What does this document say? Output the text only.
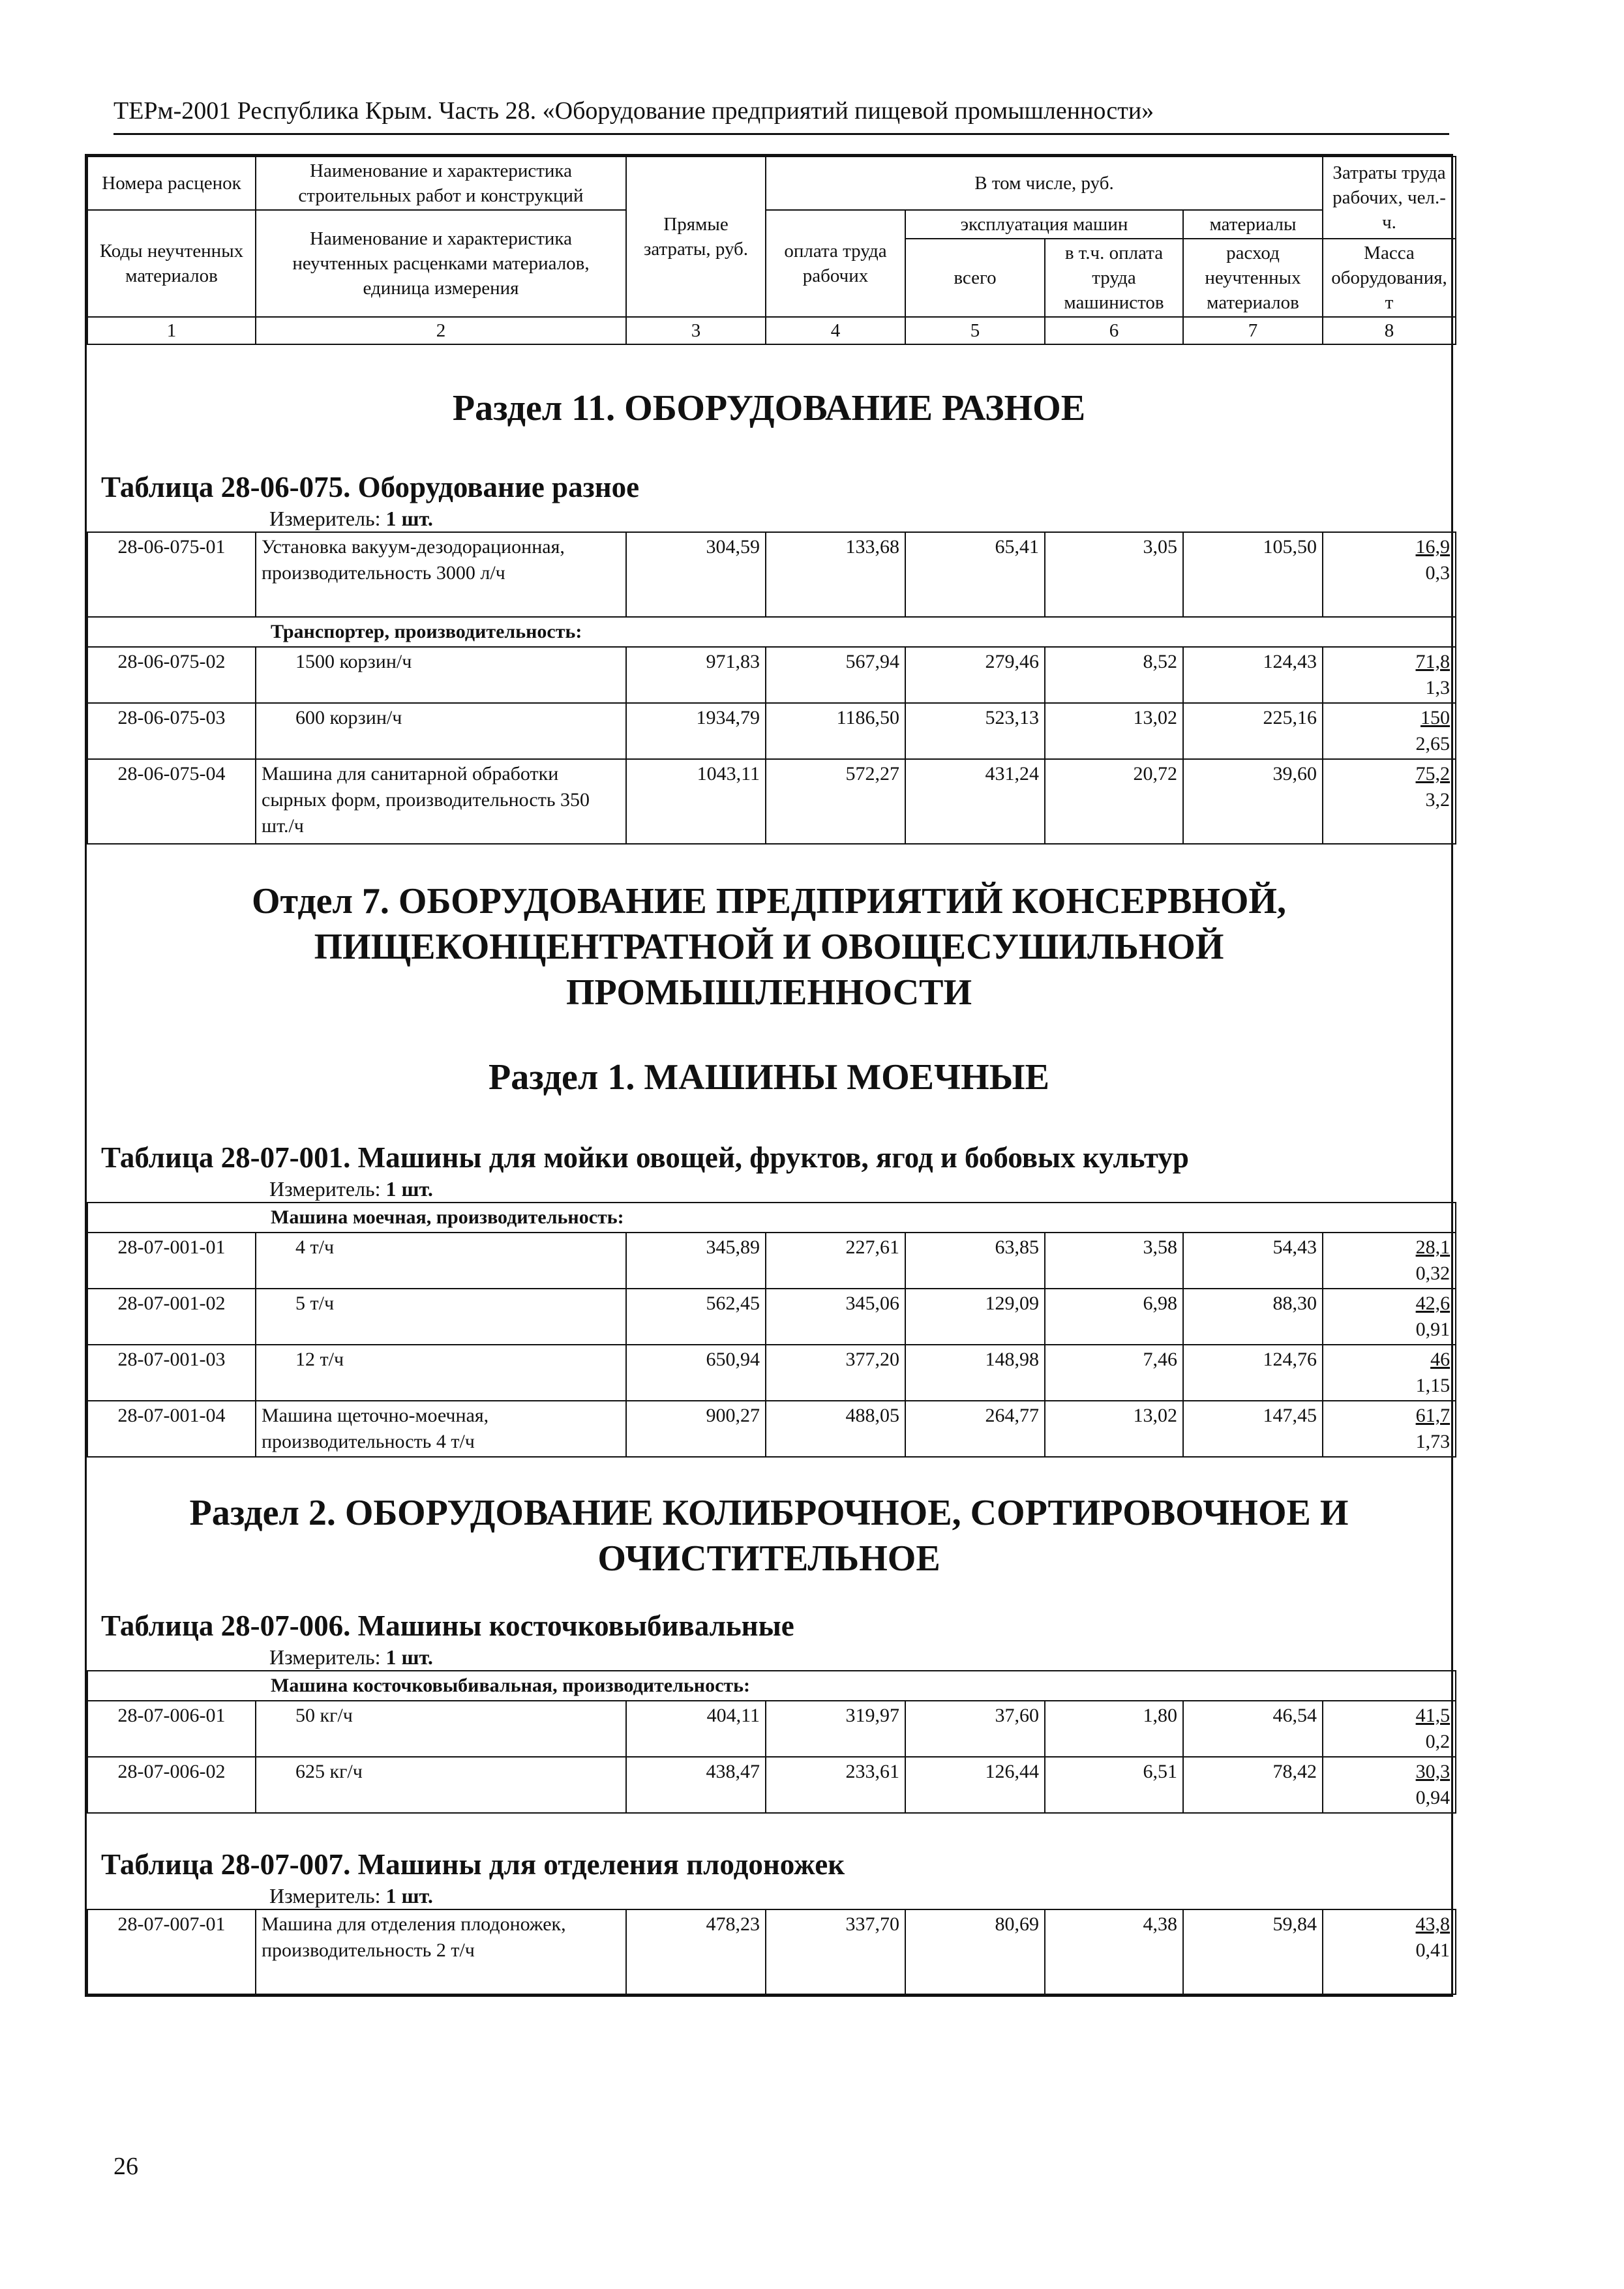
ТЕРм-2001 Республика Крым. Часть 28. «Оборудование предприятий пищевой промышленности»
Номера расценок	Наименование и характеристика строительных работ и конструкций	Прямые затраты, руб.	В том числе, руб.				Затраты труда рабочих, чел.-ч.
Коды неучтенных материалов	Наименование и характеристика неучтенных расценками материалов, единица измерения		оплата труда рабочих	эксплуатация машин		материалы	
				всего	в т.ч. оплата труда машинистов	расход неучтенных материалов	Масса оборудования, т
1	2	3	4	5	6	7	8

Раздел 11. ОБОРУДОВАНИЕ РАЗНОЕ

Таблица 28-06-075. Оборудование разное

Измеритель: 1 шт.
28-06-075-01	Установка вакуум-дезодорационная, производительность 3000 л/ч	304,59	133,68	65,41	3,05	105,50	16,9
0,3
Транспортер, производительность:							
28-06-075-02	1500 корзин/ч	971,83	567,94	279,46	8,52	124,43	71,8
1,3
28-06-075-03	600 корзин/ч	1934,79	1186,50	523,13	13,02	225,16	150
2,65
28-06-075-04	Машина для санитарной обработки сырных форм, производительность 350 шт./ч	1043,11	572,27	431,24	20,72	39,60	75,2
3,2

Отдел 7. ОБОРУДОВАНИЕ ПРЕДПРИЯТИЙ КОНСЕРВНОЙ,

ПИЩЕКОНЦЕНТРАТНОЙ И ОВОЩЕСУШИЛЬНОЙ

ПРОМЫШЛЕННОСТИ

Раздел 1. МАШИНЫ МОЕЧНЫЕ

Таблица 28-07-001. Машины для мойки овощей, фруктов, ягод и бобовых культур

Измеритель: 1 шт.
Машина моечная, производительность:							
28-07-001-01	4 т/ч	345,89	227,61	63,85	3,58	54,43	28,1
0,32
28-07-001-02	5 т/ч	562,45	345,06	129,09	6,98	88,30	42,6
0,91
28-07-001-03	12 т/ч	650,94	377,20	148,98	7,46	124,76	46
1,15
28-07-001-04	Машина щеточно-моечная, производительность 4 т/ч	900,27	488,05	264,77	13,02	147,45	61,7
1,73

Раздел 2. ОБОРУДОВАНИЕ КОЛИБРОЧНОЕ, СОРТИРОВОЧНОЕ И

ОЧИСТИТЕЛЬНОЕ

Таблица 28-07-006. Машины косточковыбивальные

Измеритель: 1 шт.
Машина косточковыбивальная, производительность:							
28-07-006-01	50 кг/ч	404,11	319,97	37,60	1,80	46,54	41,5
0,2
28-07-006-02	625 кг/ч	438,47	233,61	126,44	6,51	78,42	30,3
0,94

Таблица 28-07-007. Машины для отделения плодоножек

Измеритель: 1 шт.
28-07-007-01	Машина для отделения плодоножек, производительность 2 т/ч	478,23	337,70	80,69	4,38	59,84	43,8
0,41
26
